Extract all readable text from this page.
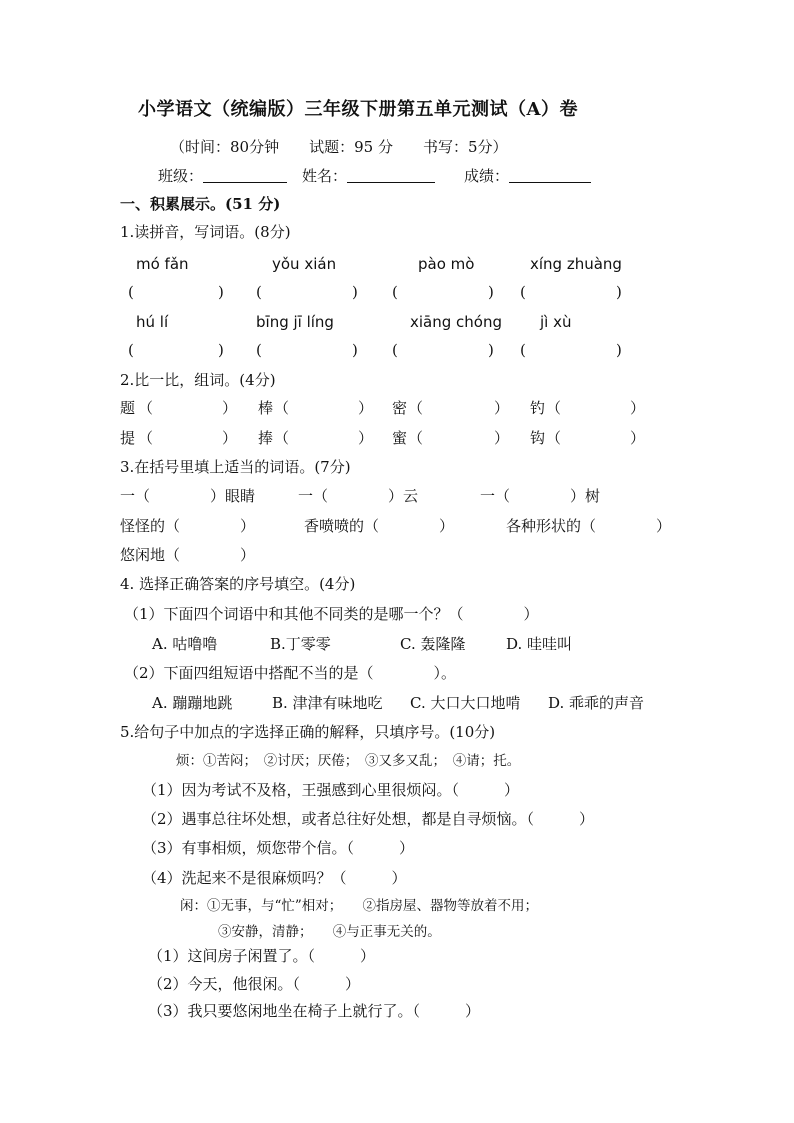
小学语文（统编版）三年级下册第五单元测试（A）卷
（时间：80分钟　　试题：95 分　　书写：5分）
班级：	姓名：	成绩：
一、积累展示。(51 分)
1.读拼音，写词语。(8分)
mó fǎn	yǒu xián	pào mò	xíng zhuàng
(	) (	) (	) (	)
hú lí	bīng jī líng	xiāng chóng	jì xù
(	) (	) (	) (	)
2.比一比，组词。(4分)
题 （	） 棒 （	） 密 （	） 钓 （	）
提 （	） 捧 （	） 蜜 （	） 钩 （	）
3.在括号里填上适当的词语。(7分)
一（　　　　）眼睛	一（　　　　）云	一（　　　　）树
怪怪的（　　　　）	香喷喷的（　　　　）	各种形状的（　　　　）
悠闲地（　　　　）
4. 选择正确答案的序号填空。(4分)
（1）下面四个词语中和其他不同类的是哪一个？（　　　　）
A. 咕噜噜	B.丁零零	C. 轰隆隆	D. 哇哇叫
（2）下面四组短语中搭配不当的是（　　　　）。
A. 蹦蹦地跳	B. 津津有味地吃 C. 大口大口地啃 D. 乖乖的声音
5.给句子中加点的字选择正确的解释，只填序号。(10分)
烦：①苦闷；　②讨厌；厌倦；　③又多又乱；　④请；托。
（1）因为考试不及格，王强感到心里很烦闷。（　　　）
（2）遇事总往坏处想，或者总往好处想，都是自寻烦恼。（　　　）
（3）有事相烦，烦您带个信。（　　　）
（4）洗起来不是很麻烦吗？（　　　）
闲：①无事，与“忙”相对；　　②指房屋、器物等放着不用；
③安静，清静；　　④与正事无关的。
（1）这间房子闲置了。（　　　）
（2）今天，他很闲。（　　　）
（3）我只要悠闲地坐在椅子上就行了。（　　　）
